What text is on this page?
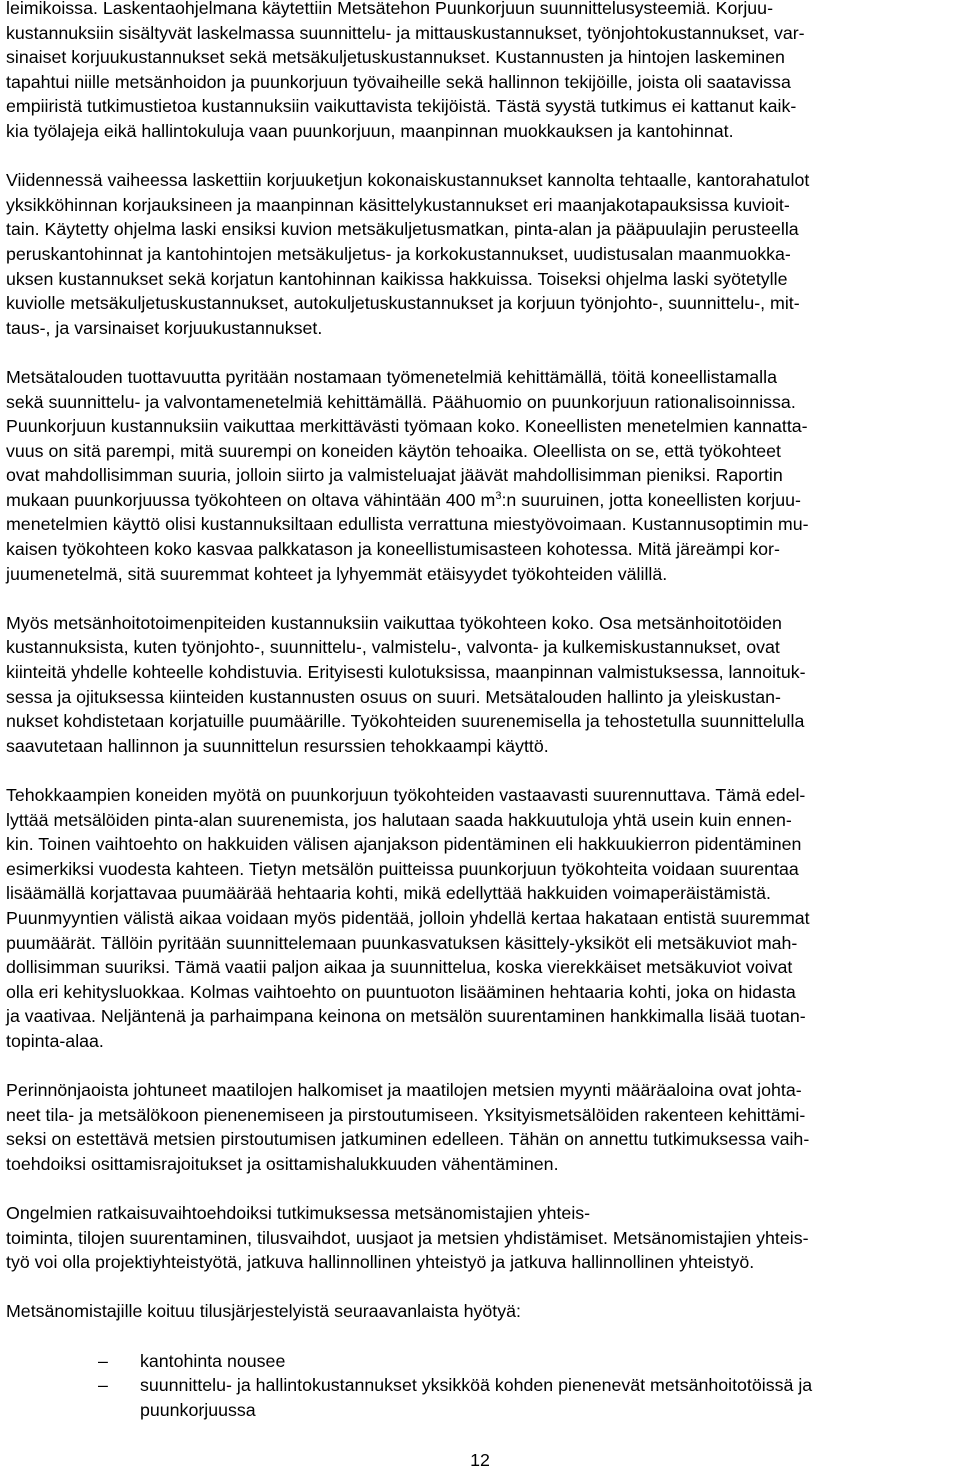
leimikoissa. Laskentaohjelmana käytettiin Metsätehon Puunkorjuun suunnittelusysteemiä. Korjuu-

kustannuksiin sisältyvät laskelmassa suunnittelu- ja mittauskustannukset, työnjohtokustannukset, var-

sinaiset korjuukustannukset sekä metsäkuljetuskustannukset. Kustannusten ja hintojen laskeminen

tapahtui niille metsänhoidon ja puunkorjuun työvaiheille sekä hallinnon tekijöille, joista oli saatavissa

empiiristä tutkimustietoa kustannuksiin vaikuttavista tekijöistä. Tästä syystä tutkimus ei kattanut kaik-

kia työlajeja eikä hallintokuluja vaan puunkorjuun, maanpinnan muokkauksen ja kantohinnat.

Viidennessä vaiheessa laskettiin korjuuketjun kokonaiskustannukset kannolta tehtaalle, kantorahatulot

yksikköhinnan korjauksineen ja maanpinnan käsittelykustannukset eri maanjakotapauksissa kuvioit-

tain. Käytetty ohjelma laski ensiksi kuvion metsäkuljetusmatkan, pinta-alan ja pääpuulajin perusteella

peruskantohinnat ja kantohintojen metsäkuljetus- ja korkokustannukset, uudistusalan maanmuokka-

uksen kustannukset sekä korjatun kantohinnan kaikissa hakkuissa. Toiseksi ohjelma laski syötetylle

kuviolle metsäkuljetuskustannukset, autokuljetuskustannukset ja korjuun työnjohto-, suunnittelu-, mit-

taus-, ja varsinaiset korjuukustannukset.

Metsätalouden tuottavuutta pyritään nostamaan työmenetelmiä kehittämällä, töitä koneellistamalla

sekä suunnittelu- ja valvontamenetelmiä kehittämällä. Päähuomio on puunkorjuun rationalisoinnissa.

Puunkorjuun kustannuksiin vaikuttaa merkittävästi työmaan koko. Koneellisten menetelmien kannatta-

vuus on sitä parempi, mitä suurempi on koneiden käytön tehoaika. Oleellista on se, että työkohteet

ovat mahdollisimman suuria, jolloin siirto ja valmisteluajat jäävät mahdollisimman pieniksi. Raportin

mukaan puunkorjuussa työkohteen on oltava vähintään 400 $m^3:n$ suuruinen, jotta koneellisten korjuu-

menetelmien käyttö olisi kustannuksiltaan edullista verrattuna miestyövoimaan. Kustannusoptimin mu-

kaisen työkohteen koko kasvaa palkkatason ja koneellistumisasteen kohotessa. Mitä järeämpi kor-

juumenetelmä, sitä suuremmat kohteet ja lyhyemmät etäisyydet työkohteiden välillä.

Myös metsänhoitotoimenpiteiden kustannuksiin vaikuttaa työkohteen koko. Osa metsänhoitotöiden

kustannuksista, kuten työnjohto-, suunnittelu-, valmistelu-, valvonta- ja kulkemiskustannukset, ovat

kiinteitä yhdelle kohteelle kohdistuvia. Erityisesti kulotuksissa, maanpinnan valmistuksessa, lannoituk-

sessa ja ojituksessa kiinteiden kustannusten osuus on suuri. Metsätalouden hallinto ja yleiskustan-

nukset kohdistetaan korjatuille puumäärille. Työkohteiden suurenemisella ja tehostetulla suunnittelulla

saavutetaan hallinnon ja suunnittelun resurssien tehokkaampi käyttö.

Tehokkaampien koneiden myötä on puunkorjuun työkohteiden vastaavasti suurennuttava. Tämä edel-

lyttää metsälöiden pinta-alan suurenemista, jos halutaan saada hakkuutuloja yhtä usein kuin ennen-

kin. Toinen vaihtoehto on hakkuiden välisen ajanjakson pidentäminen eli hakkuukierron pidentäminen

esimerkiksi vuodesta kahteen. Tietyn metsälön puitteissa puunkorjuun työkohteita voidaan suurentaa

lisäämällä korjattavaa puumäärää hehtaaria kohti, mikä edellyttää hakkuiden voimaperäistämistä.

Puunmyyntien välistä aikaa voidaan myös pidentää, jolloin yhdellä kertaa hakataan entistä suuremmat

puumäärät. Tällöin pyritään suunnittelemaan puunkasvatuksen käsittely-yksiköt eli metsäkuviot mah-

dollisimman suuriksi. Tämä vaatii paljon aikaa ja suunnittelua, koska vierekkäiset metsäkuviot voivat

olla eri kehitysluokkaa. Kolmas vaihtoehto on puuntuoton lisääminen hehtaaria kohti, joka on hidasta

ja vaativaa. Neljäntenä ja parhaimpana keinona on metsälön suurentaminen hankkimalla lisää tuotan-

topinta-alaa.

Perinnönjaoista johtuneet maatilojen halkomiset ja maatilojen metsien myynti määräaloina ovat johta-

neet tila- ja metsälökoon pienenemiseen ja pirstoutumiseen. Yksityismetsälöiden rakenteen kehittämi-

seksi on estettävä metsien pirstoutumisen jatkuminen edelleen. Tähän on annettu tutkimuksessa vaih-

toehdoiksi osittamisrajoitukset ja osittamishalukkuuden vähentäminen.

Ongelmien ratkaisuvaihtoehdoiksi tutkimuksessa metsänomistajien yhteis-

toiminta, tilojen suurentaminen, tilusvaihdot, uusjaot ja metsien yhdistämiset. Metsänomistajien yhteis-

työ voi olla projektiyhteistyötä, jatkuva hallinnollinen yhteistyö ja jatkuva hallinnollinen yhteistyö.

Metsänomistajille koituu tilusjärjestelyistä seuraavanlaista hyötyä:

– kantohinta nousee

– suunnittelu- ja hallintokustannukset yksikköä kohden pienenevät metsänhoitotöissä ja

puunkorjuussa

12
